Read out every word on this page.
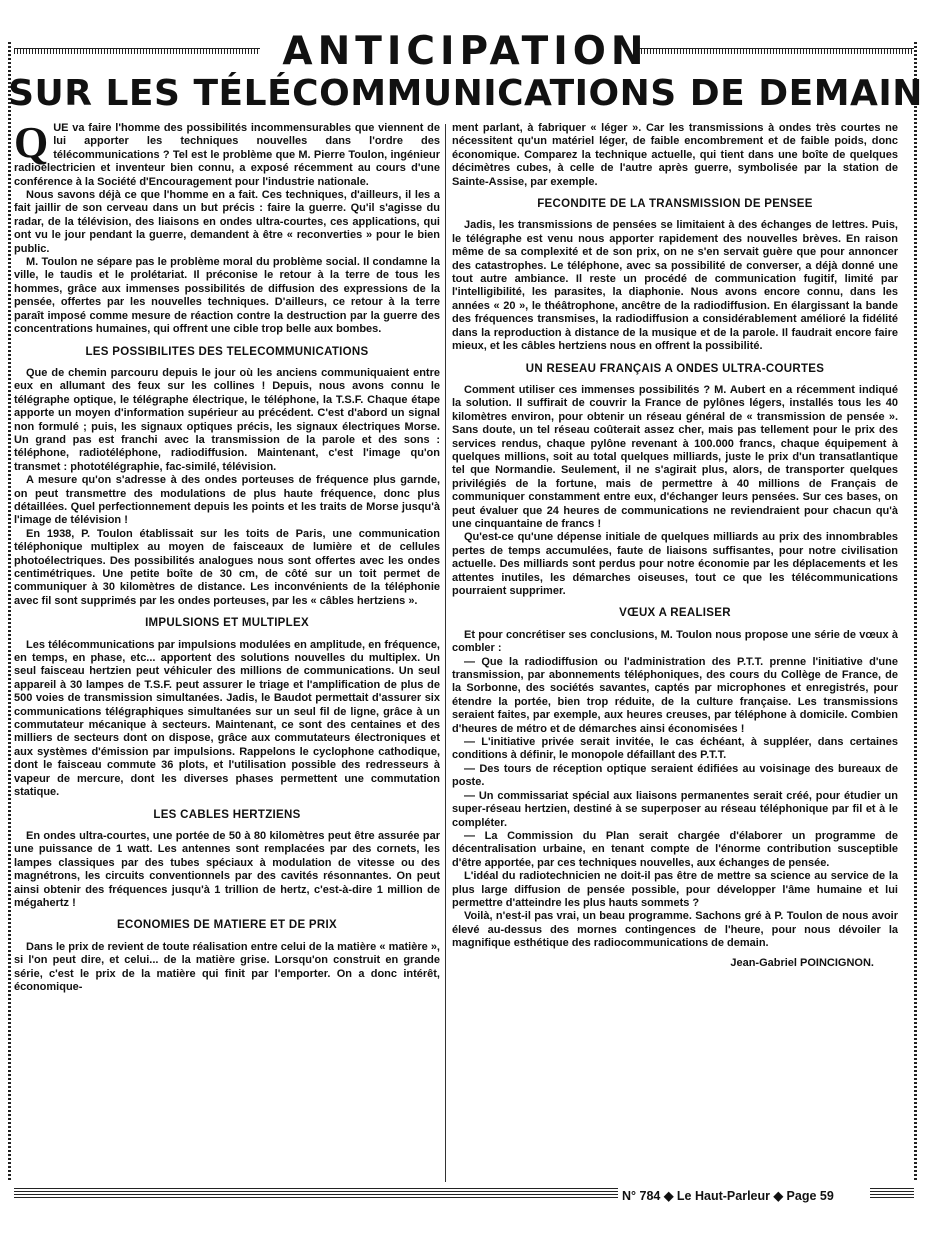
ANTICIPATION
SUR LES TÉLÉCOMMUNICATIONS DE DEMAIN

QUE va faire l'homme des possibilités incommensurables que viennent de lui apporter les techniques nouvelles dans l'ordre des télécommunications ? Tel est le problème que M. Pierre Toulon, ingénieur radioélectricien et inventeur bien connu, a exposé récemment au cours d'une conférence à la Société d'Encouragement pour l'industrie nationale.

Nous savons déjà ce que l'homme en a fait. Ces techniques, d'ailleurs, il les a fait jaillir de son cerveau dans un but précis : faire la guerre. Qu'il s'agisse du radar, de la télévision, des liaisons en ondes ultra-courtes, ces applications, qui ont vu le jour pendant la guerre, demandent à être « reconverties » pour le bien public.

M. Toulon ne sépare pas le problème moral du problème social. Il condamne la ville, le taudis et le prolétariat. Il préconise le retour à la terre de tous les hommes, grâce aux immenses possibilités de diffusion des expressions de la pensée, offertes par les nouvelles techniques. D'ailleurs, ce retour à la terre paraît imposé comme mesure de réaction contre la destruction par la guerre des concentrations humaines, qui offrent une cible trop belle aux bombes.

LES POSSIBILITES DES TELECOMMUNICATIONS

Que de chemin parcouru depuis le jour où les anciens communiquaient entre eux en allumant des feux sur les collines ! Depuis, nous avons connu le télégraphe optique, le télégraphe électrique, le téléphone, la T.S.F. Chaque étape apporte un moyen d'information supérieur au précédent. C'est d'abord un signal non formulé ; puis, les signaux optiques précis, les signaux électriques Morse. Un grand pas est franchi avec la transmission de la parole et des sons : téléphone, radiotéléphone, radiodiffusion. Maintenant, c'est l'image qu'on transmet : phototélégraphie, fac-similé, télévision.

A mesure qu'on s'adresse à des ondes porteuses de fréquence plus garnde, on peut transmettre des modulations de plus haute fréquence, donc plus détaillées. Quel perfectionnement depuis les points et les traits de Morse jusqu'à l'image de télévision !

En 1938, P. Toulon établissait sur les toits de Paris, une communication téléphonique multiplex au moyen de faisceaux de lumière et de cellules photoélectriques. Des possibilités analogues nous sont offertes avec les ondes centimétriques. Une petite boîte de 30 cm, de côté sur un toit permet de communiquer à 30 kilomètres de distance. Les inconvénients de la téléphonie avec fil sont supprimés par les ondes porteuses, par les « câbles hertziens ».

IMPULSIONS ET MULTIPLEX

Les télécommunications par impulsions modulées en amplitude, en fréquence, en temps, en phase, etc... apportent des solutions nouvelles du multiplex. Un seul faisceau hertzien peut véhiculer des millions de communications. Un seul appareil à 30 lampes de T.S.F. peut assurer le triage et l'amplification de plus de 500 voies de transmission simultanées. Jadis, le Baudot permettait d'assurer six communications télégraphiques simultanées sur un seul fil de ligne, grâce à un commutateur mécanique à secteurs. Maintenant, ce sont des centaines et des milliers de secteurs dont on dispose, grâce aux commutateurs électroniques et aux systèmes d'émission par impulsions. Rappelons le cyclophone cathodique, dont le faisceau commute 36 plots, et l'utilisation possible des redresseurs à vapeur de mercure, dont les diverses phases permettent une commutation statique.

LES CABLES HERTZIENS

En ondes ultra-courtes, une portée de 50 à 80 kilomètres peut être assurée par une puissance de 1 watt. Les antennes sont remplacées par des cornets, les lampes classiques par des tubes spéciaux à modulation de vitesse ou des magnétrons, les circuits conventionnels par des cavités résonnantes. On peut ainsi obtenir des fréquences jusqu'à 1 trillion de hertz, c'est-à-dire 1 million de mégahertz !

ECONOMIES DE MATIERE ET DE PRIX

Dans le prix de revient de toute réalisation entre celui de la matière « matière », si l'on peut dire, et celui... de la matière grise. Lorsqu'on construit en grande série, c'est le prix de la matière qui finit par l'emporter. On a donc intérêt, économique-

ment parlant, à fabriquer « léger ». Car les transmissions à ondes très courtes ne nécessitent qu'un matériel léger, de faible encombrement et de faible poids, donc économique. Comparez la technique actuelle, qui tient dans une boîte de quelques décimètres cubes, à celle de l'autre après guerre, symbolisée par la station de Sainte-Assise, par exemple.

FECONDITE DE LA TRANSMISSION DE PENSEE

Jadis, les transmissions de pensées se limitaient à des échanges de lettres. Puis, le télégraphe est venu nous apporter rapidement des nouvelles brèves. En raison même de sa complexité et de son prix, on ne s'en servait guère que pour annoncer des catastrophes. Le téléphone, avec sa possibilité de converser, a déjà donné une tout autre ambiance. Il reste un procédé de communication fugitif, limité par l'intelligibilité, les parasites, la diaphonie. Nous avons encore connu, dans les années « 20 », le théâtrophone, ancêtre de la radiodiffusion. En élargissant la bande des fréquences transmises, la radiodiffusion a considérablement amélioré la fidélité dans la reproduction à distance de la musique et de la parole. Il faudrait encore faire mieux, et les câbles hertziens nous en offrent la possibilité.

UN RESEAU FRANÇAIS A ONDES ULTRA-COURTES

Comment utiliser ces immenses possibilités ? M. Aubert en a récemment indiqué la solution. Il suffirait de couvrir la France de pylônes légers, installés tous les 40 kilomètres environ, pour obtenir un réseau général de « transmission de pensée ». Sans doute, un tel réseau coûterait assez cher, mais pas tellement pour le prix des services rendus, chaque pylône revenant à 100.000 francs, chaque équipement à quelques millions, soit au total quelques milliards, juste le prix d'un transatlantique tel que Normandie. Seulement, il ne s'agirait plus, alors, de transporter quelques privilégiés de la fortune, mais de permettre à 40 millions de Français de communiquer constamment entre eux, d'échanger leurs pensées. Sur ces bases, on peut évaluer que 24 heures de communications ne reviendraient pour chacun qu'à une cinquantaine de francs !

Qu'est-ce qu'une dépense initiale de quelques milliards au prix des innombrables pertes de temps accumulées, faute de liaisons suffisantes, pour notre civilisation actuelle. Des milliards sont perdus pour notre économie par les déplacements et les attentes inutiles, les démarches oiseuses, tout ce que les télécommunications pourraient supprimer.

VŒUX A REALISER

Et pour concrétiser ses conclusions, M. Toulon nous propose une série de vœux à combler :

— Que la radiodiffusion ou l'administration des P.T.T. prenne l'initiative d'une transmission, par abonnements téléphoniques, des cours du Collège de France, de la Sorbonne, des sociétés savantes, captés par microphones et enregistrés, pour étendre la portée, bien trop réduite, de la culture française. Les transmissions seraient faites, par exemple, aux heures creuses, par téléphone à domicile. Combien d'heures de métro et de démarches ainsi économisées !

— L'initiative privée serait invitée, le cas échéant, à suppléer, dans certaines conditions à définir, le monopole défaillant des P.T.T.

— Des tours de réception optique seraient édifiées au voisinage des bureaux de poste.

— Un commissariat spécial aux liaisons permanentes serait créé, pour étudier un super-réseau hertzien, destiné à se superposer au réseau téléphonique par fil et à le compléter.

— La Commission du Plan serait chargée d'élaborer un programme de décentralisation urbaine, en tenant compte de l'énorme contribution susceptible d'être apportée, par ces techniques nouvelles, aux échanges de pensée.

L'idéal du radiotechnicien ne doit-il pas être de mettre sa science au service de la plus large diffusion de pensée possible, pour développer l'âme humaine et lui permettre d'atteindre les plus hauts sommets ?

Voilà, n'est-il pas vrai, un beau programme. Sachons gré à P. Toulon de nous avoir élevé au-dessus des mornes contingences de l'heure, pour nous dévoiler la magnifique esthétique des radiocommunications de demain.

Jean-Gabriel POINCIGNON.

N° 784 ◆ Le Haut-Parleur ◆ Page 59
